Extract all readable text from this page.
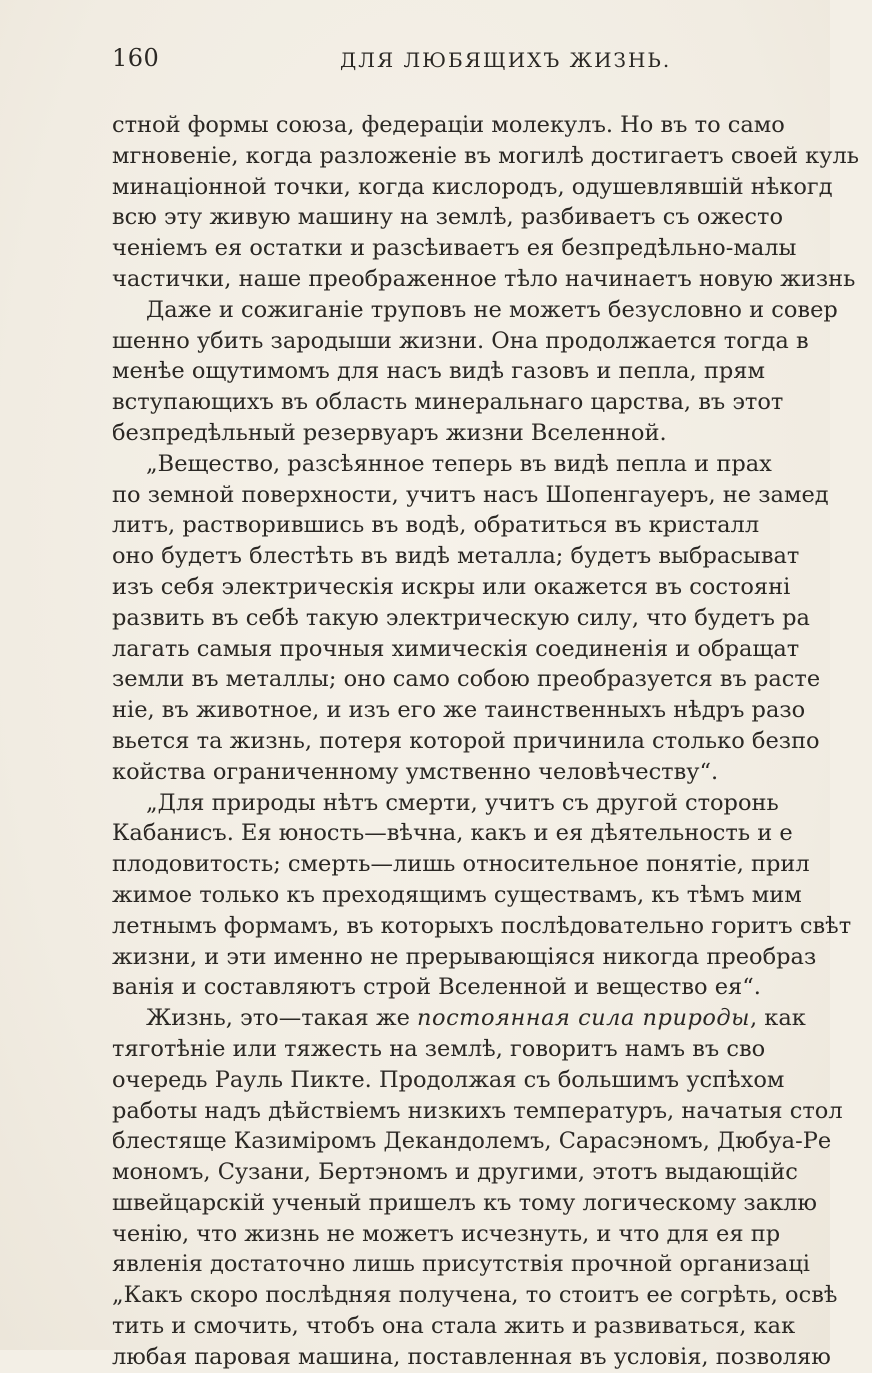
160	ДЛЯ ЛЮБЯЩИХЪ ЖИЗНЬ.
стной формы союза, федераціи молекулъ. Но въ то само
мгновеніе, когда разложеніе въ могилѣ достигаетъ своей куль
минаціонной точки, когда кислородъ, одушевлявшій нѣкогд
всю эту живую машину на землѣ, разбиваетъ съ ожесто
ченіемъ ея остатки и разсѣиваетъ ея безпредѣльно-малы
частички, наше преображенное тѣло начинаетъ новую жизнь
Даже и сожиганіе труповъ не можетъ безусловно и совер
шенно убить зародыши жизни. Она продолжается тогда в
менѣе ощутимомъ для насъ видѣ газовъ и пепла, прям
вступающихъ въ область минеральнаго царства, въ этот
безпредѣльный резервуаръ жизни Вселенной.
„Вещество, разсѣянное теперь въ видѣ пепла и прах
по земной поверхности, учитъ насъ Шопенгауеръ, не замед
литъ, растворившись въ водѣ, обратиться въ кристалл
оно будетъ блестѣть въ видѣ металла; будетъ выбрасыват
изъ себя электрическія искры или окажется въ состояні
развить въ себѣ такую электрическую силу, что будетъ ра
лагать самыя прочныя химическія соединенія и обращат
земли въ металлы; оно само собою преобразуется въ расте
ніе, въ животное, и изъ его же таинственныхъ нѣдръ разо
вьется та жизнь, потеря которой причинила столько безпо
койства ограниченному умственно человѣчеству“.
„Для природы нѣтъ смерти, учитъ съ другой сторонь
Кабанисъ. Ея юность—вѣчна, какъ и ея дѣятельность и е
плодовитость; смерть—лишь относительное понятіе, прил
жимое только къ преходящимъ существамъ, къ тѣмъ мим
летнымъ формамъ, въ которыхъ послѣдовательно горитъ свѣт
жизни, и эти именно не прерывающіяся никогда преобраз
ванія и составляютъ строй Вселенной и вещество ея“.
Жизнь, это—такая же постоянная сила природы, как
тяготѣніе или тяжесть на землѣ, говоритъ намъ въ сво
очередь Рауль Пикте. Продолжая съ большимъ успѣхом
работы надъ дѣйствіемъ низкихъ температуръ, начатыя стол
блестяще Казиміромъ Декандолемъ, Сарасэномъ, Дюбуа-Ре
мономъ, Сузани, Бертэномъ и другими, этотъ выдающійс
швейцарскій ученый пришелъ къ тому логическому заклю
ченію, что жизнь не можетъ исчезнуть, и что для ея пр
явленія достаточно лишь присутствія прочной организаці
„Какъ скоро послѣдняя получена, то стоитъ ее согрѣть, освѣ
тить и смочить, чтобъ она стала жить и развиваться, как
любая паровая машина, поставленная въ условія, позволяю
